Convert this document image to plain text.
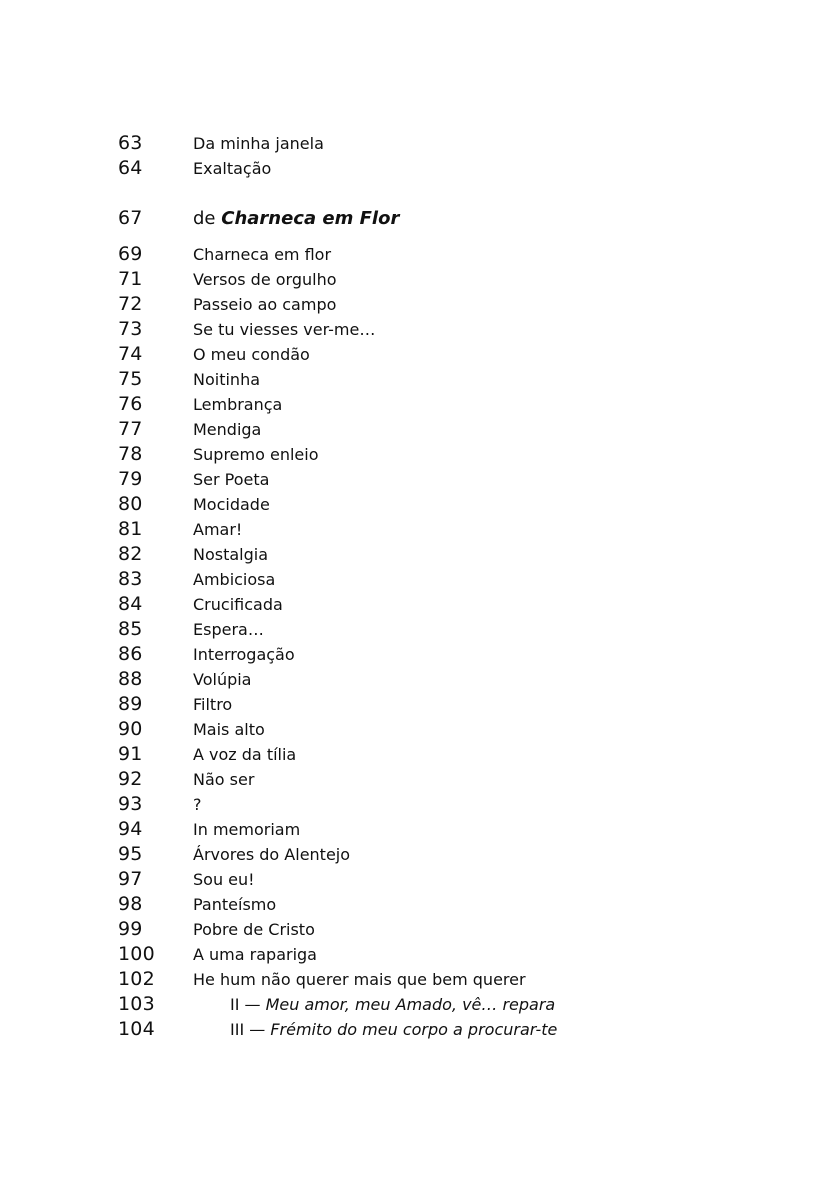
63	Da minha janela
64	Exaltação
67	de Charneca em Flor
69	Charneca em flor
71	Versos de orgulho
72	Passeio ao campo
73	Se tu viesses ver-me…
74	O meu condão
75	Noitinha
76	Lembrança
77	Mendiga
78	Supremo enleio
79	Ser Poeta
80	Mocidade
81	Amar!
82	Nostalgia
83	Ambiciosa
84	Crucificada
85	Espera…
86	Interrogação
88	Volúpia
89	Filtro
90	Mais alto
91	A voz da tília
92	Não ser
93	?
94	In memoriam
95	Árvores do Alentejo
97	Sou eu!
98	Panteísmo
99	Pobre de Cristo
100 A uma rapariga
102 He hum não querer mais que bem querer
103	II — Meu amor, meu Amado, vê… repara
104	III — Frémito do meu corpo a procurar-te
